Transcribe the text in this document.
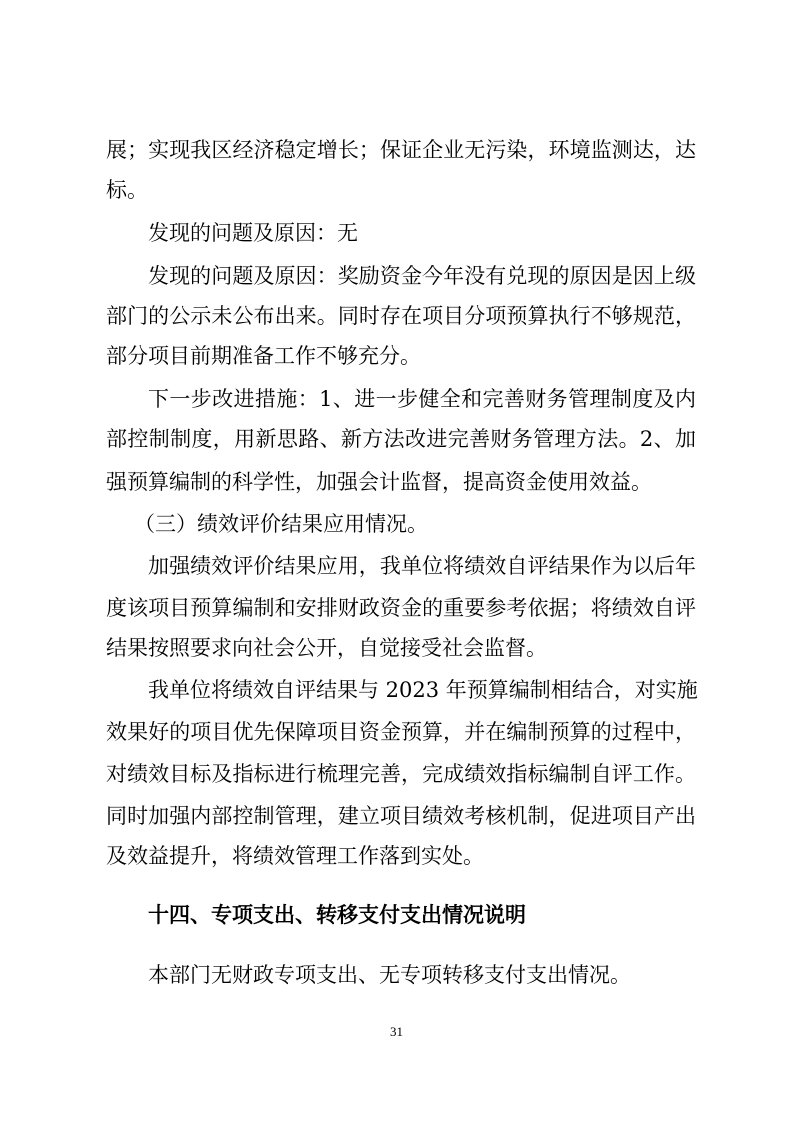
展；实现我区经济稳定增长；保证企业无污染，环境监测达，达
标。
发现的问题及原因：无
发现的问题及原因：奖励资金今年没有兑现的原因是因上级
部门的公示未公布出来。同时存在项目分项预算执行不够规范，
部分项目前期准备工作不够充分。
下一步改进措施：1、进一步健全和完善财务管理制度及内
部控制制度，用新思路、新方法改进完善财务管理方法。2、加
强预算编制的科学性，加强会计监督，提高资金使用效益。
（三）绩效评价结果应用情况。
加强绩效评价结果应用，我单位将绩效自评结果作为以后年
度该项目预算编制和安排财政资金的重要参考依据；将绩效自评
结果按照要求向社会公开，自觉接受社会监督。
我单位将绩效自评结果与 2023 年预算编制相结合，对实施
效果好的项目优先保障项目资金预算，并在编制预算的过程中，
对绩效目标及指标进行梳理完善，完成绩效指标编制自评工作。
同时加强内部控制管理，建立项目绩效考核机制，促进项目产出
及效益提升，将绩效管理工作落到实处。
十四、专项支出、转移支付支出情况说明
本部门无财政专项支出、无专项转移支付支出情况。
31
